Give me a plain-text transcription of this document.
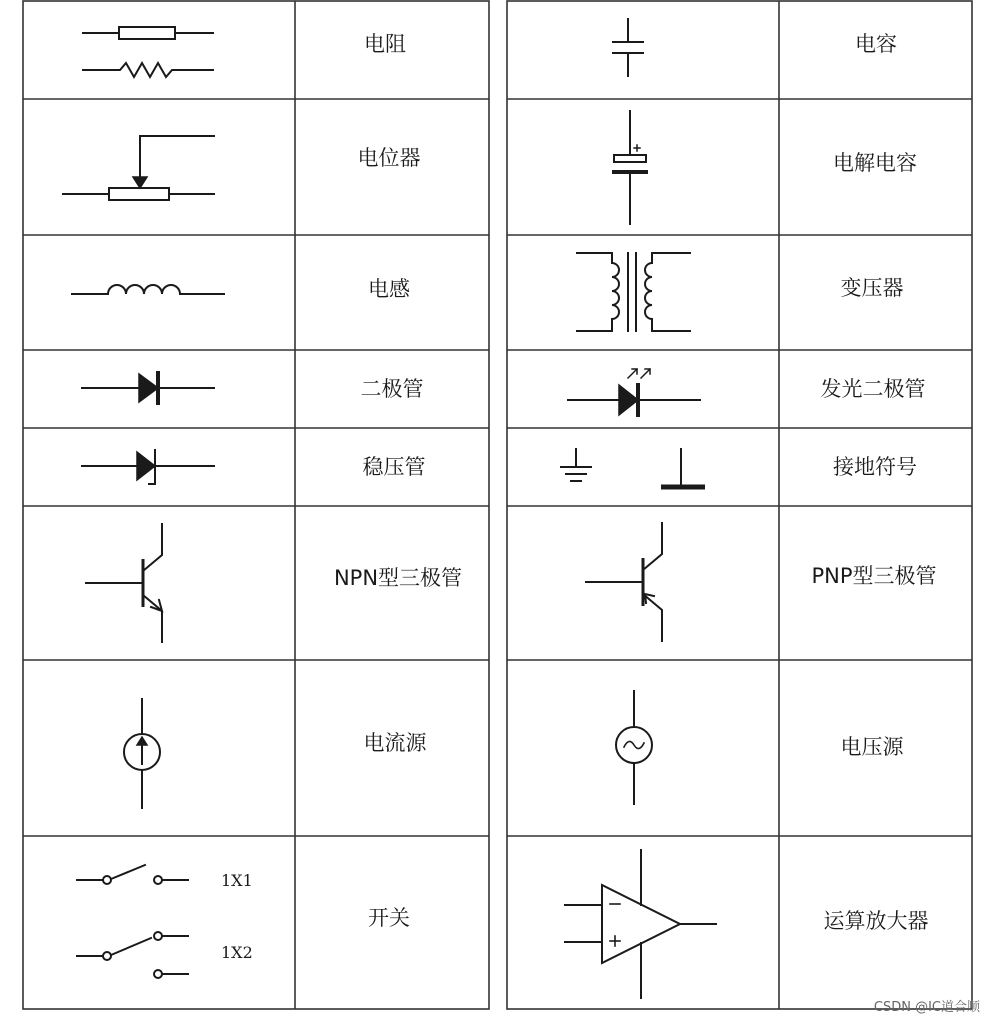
1X1
1X2
电阻
电位器
电感
二极管
稳压管
NPN型三极管
电流源
开关
电容
电解电容
变压器
发光二极管
接地符号
PNP型三极管
电压源
运算放大器
CSDN @IC道合顺
